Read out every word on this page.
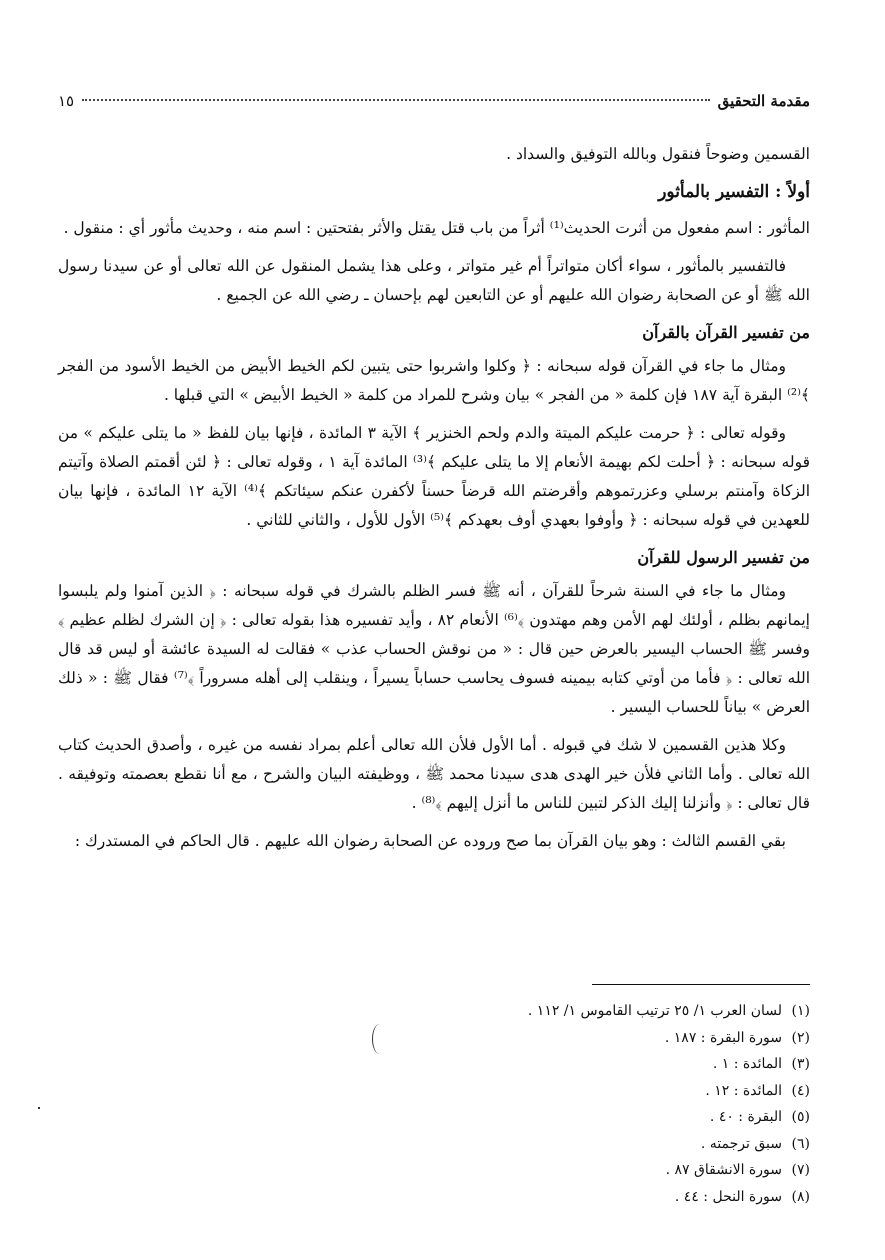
مقدمة التحقيق
١٥

القسمين وضوحاً فنقول وبالله التوفيق والسداد .

أولاً : التفسير بالمأثور

المأثور : اسم مفعول من أثرت الحديث⁽¹⁾ أثراً من باب قتل يقتل والأثر بفتحتين : اسم منه ، وحديث مأثور أي : منقول .

فالتفسير بالمأثور ، سواء أكان متواتراً أم غير متواتر ، وعلى هذا يشمل المنقول عن الله تعالى أو عن سيدنا رسول الله ﷺ أو عن الصحابة رضوان الله عليهم أو عن التابعين لهم بإحسان ـ رضي الله عن الجميع .

من تفسير القرآن بالقرآن

ومثال ما جاء في القرآن قوله سبحانه : ﴿ وكلوا واشربوا حتى يتبين لكم الخيط الأبيض من الخيط الأسود من الفجر ﴾⁽²⁾ البقرة آية ١٨٧ فإن كلمة « من الفجر » بيان وشرح للمراد من كلمة « الخيط الأبيض » التي قبلها .

وقوله تعالى : ﴿ حرمت عليكم الميتة والدم ولحم الخنزير ﴾ الآية ٣ المائدة ، فإنها بيان للفظ « ما يتلى عليكم » من قوله سبحانه : ﴿ أحلت لكم بهيمة الأنعام إلا ما يتلى عليكم ﴾⁽³⁾ المائدة آية ١ ، وقوله تعالى : ﴿ لئن أقمتم الصلاة وآتيتم الزكاة وآمنتم برسلي وعزرتموهم وأقرضتم الله قرضاً حسناً لأكفرن عنكم سيئاتكم ﴾⁽⁴⁾ الآية ١٢ المائدة ، فإنها بيان للعهدين في قوله سبحانه : ﴿ وأوفوا بعهدي أوف بعهدكم ﴾⁽⁵⁾ الأول للأول ، والثاني للثاني .

من تفسير الرسول للقرآن

ومثال ما جاء في السنة شرحاً للقرآن ، أنه ﷺ فسر الظلم بالشرك في قوله سبحانه : ﴿ الذين آمنوا ولم يلبسوا إيمانهم بظلم ، أولئك لهم الأمن وهم مهتدون ﴾⁽⁶⁾ الأنعام ٨٢ ، وأيد تفسيره هذا بقوله تعالى : ﴿ إن الشرك لظلم عظيم ﴾ وفسر ﷺ الحساب اليسير بالعرض حين قال : « من نوقش الحساب عذب » فقالت له السيدة عائشة أو ليس قد قال الله تعالى : ﴿ فأما من أوتي كتابه بيمينه فسوف يحاسب حساباً يسيراً ، وينقلب إلى أهله مسروراً ﴾⁽⁷⁾ فقال ﷺ : « ذلك العرض » بياناً للحساب اليسير .

وكلا هذين القسمين لا شك في قبوله . أما الأول فلأن الله تعالى أعلم بمراد نفسه من غيره ، وأصدق الحديث كتاب الله تعالى . وأما الثاني فلأن خير الهدى هدى سيدنا محمد ﷺ ، ووظيفته البيان والشرح ، مع أنا نقطع بعصمته وتوفيقه . قال تعالى : ﴿ وأنزلنا إليك الذكر لتبين للناس ما أنزل إليهم ﴾⁽⁸⁾ .

بقي القسم الثالث : وهو بيان القرآن بما صح وروده عن الصحابة رضوان الله عليهم . قال الحاكم في المستدرك :

(١)
لسان العرب ١/ ٢٥ ترتيب القاموس ١/ ١١٢ .
(٢)
سورة البقرة : ١٨٧ .
(٣)
المائدة : ١ .
(٤)
المائدة : ١٢ .
(٥)
البقرة : ٤٠ .
(٦)
سبق ترجمته .
(٧)
سورة الانشقاق ٨٧ .
(٨)
سورة النحل : ٤٤ .
